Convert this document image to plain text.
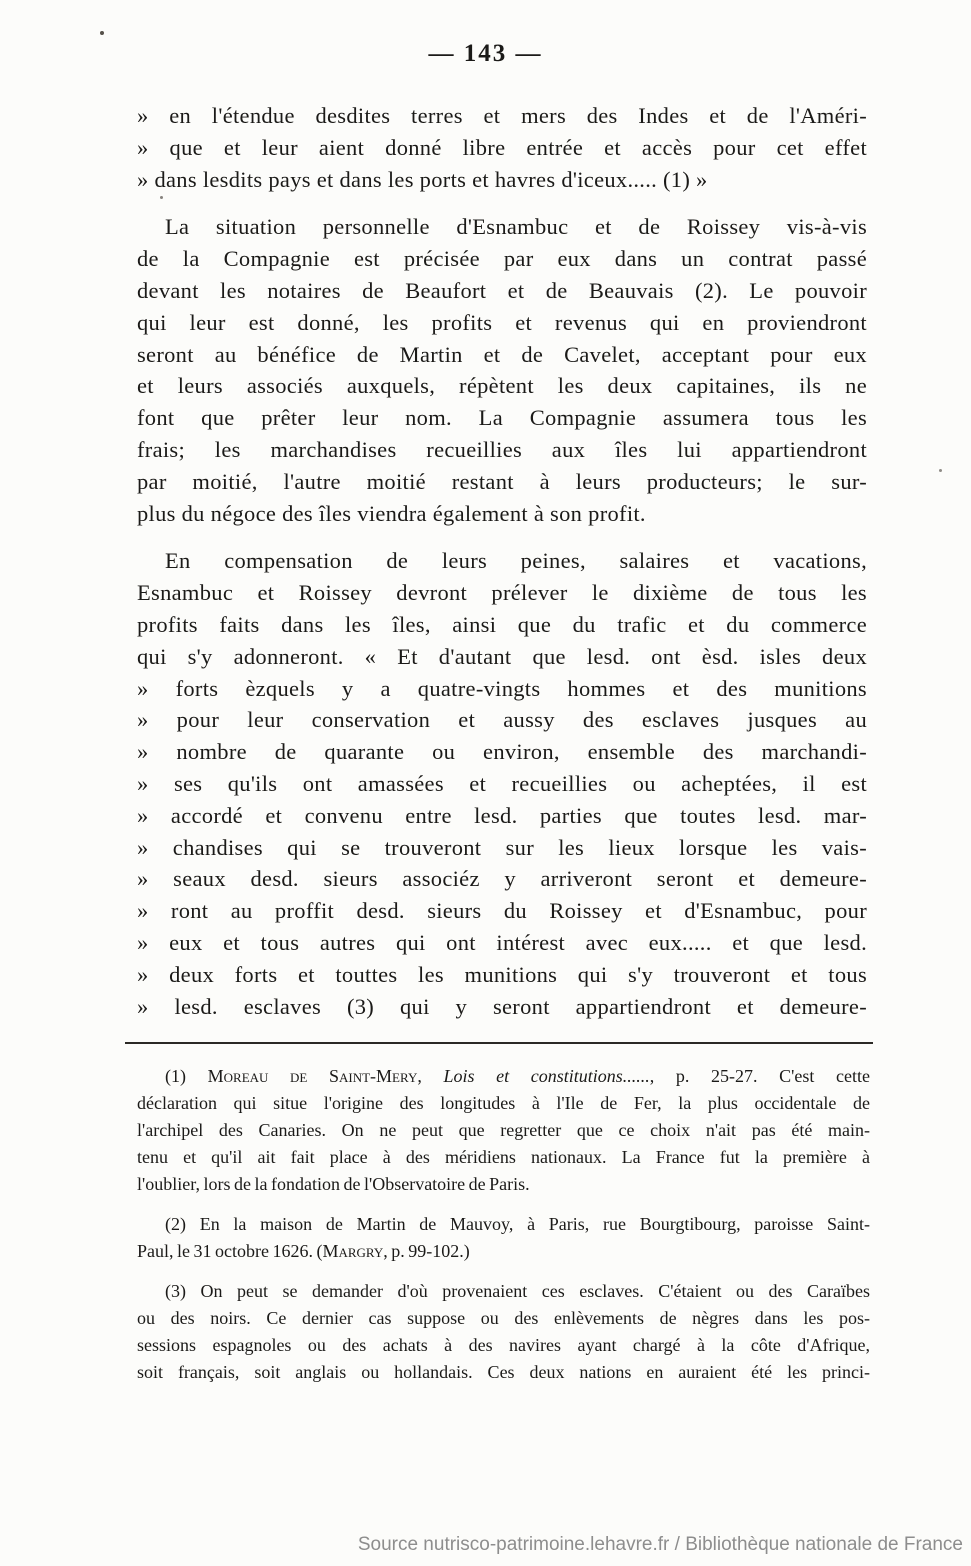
— 143 —
» en l'étendue desdites terres et mers des Indes et de l'Améri-
» que et leur aient donné libre entrée et accès pour cet effet
» dans lesdits pays et dans les ports et havres d'iceux..... (1) »
La situation personnelle d'Esnambuc et de Roissey vis-à-vis
de la Compagnie est précisée par eux dans un contrat passé
devant les notaires de Beaufort et de Beauvais (2). Le pouvoir
qui leur est donné, les profits et revenus qui en proviendront
seront au bénéfice de Martin et de Cavelet, acceptant pour eux
et leurs associés auxquels, répètent les deux capitaines, ils ne
font que prêter leur nom. La Compagnie assumera tous les
frais; les marchandises recueillies aux îles lui appartiendront
par moitié, l'autre moitié restant à leurs producteurs; le sur-
plus du négoce des îles viendra également à son profit.
En compensation de leurs peines, salaires et vacations,
Esnambuc et Roissey devront prélever le dixième de tous les
profits faits dans les îles, ainsi que du trafic et du commerce
qui s'y adonneront. « Et d'autant que lesd. ont èsd. isles deux
» forts èzquels y a quatre-vingts hommes et des munitions
» pour leur conservation et aussy des esclaves jusques au
» nombre de quarante ou environ, ensemble des marchandi-
» ses qu'ils ont amassées et recueillies ou acheptées, il est
» accordé et convenu entre lesd. parties que toutes lesd. mar-
» chandises qui se trouveront sur les lieux lorsque les vais-
» seaux desd. sieurs associéz y arriveront seront et demeure-
» ront au proffit desd. sieurs du Roissey et d'Esnambuc, pour
» eux et tous autres qui ont intérest avec eux..... et que lesd.
» deux forts et touttes les munitions qui s'y trouveront et tous
» lesd. esclaves (3) qui y seront appartiendront et demeure-
(1) Moreau de Saint-Mery, Lois et constitutions......, p. 25-27. C'est cette
déclaration qui situe l'origine des longitudes à l'Ile de Fer, la plus occidentale de
l'archipel des Canaries. On ne peut que regretter que ce choix n'ait pas été main-
tenu et qu'il ait fait place à des méridiens nationaux. La France fut la première à
l'oublier, lors de la fondation de l'Observatoire de Paris.
(2) En la maison de Martin de Mauvoy, à Paris, rue Bourgtibourg, paroisse Saint-
Paul, le 31 octobre 1626. (Margry, p. 99-102.)
(3) On peut se demander d'où provenaient ces esclaves. C'étaient ou des Caraïbes
ou des noirs. Ce dernier cas suppose ou des enlèvements de nègres dans les pos-
sessions espagnoles ou des achats à des navires ayant chargé à la côte d'Afrique,
soit français, soit anglais ou hollandais. Ces deux nations en auraient été les princi-
Source nutrisco-patrimoine.lehavre.fr / Bibliothèque nationale de France
